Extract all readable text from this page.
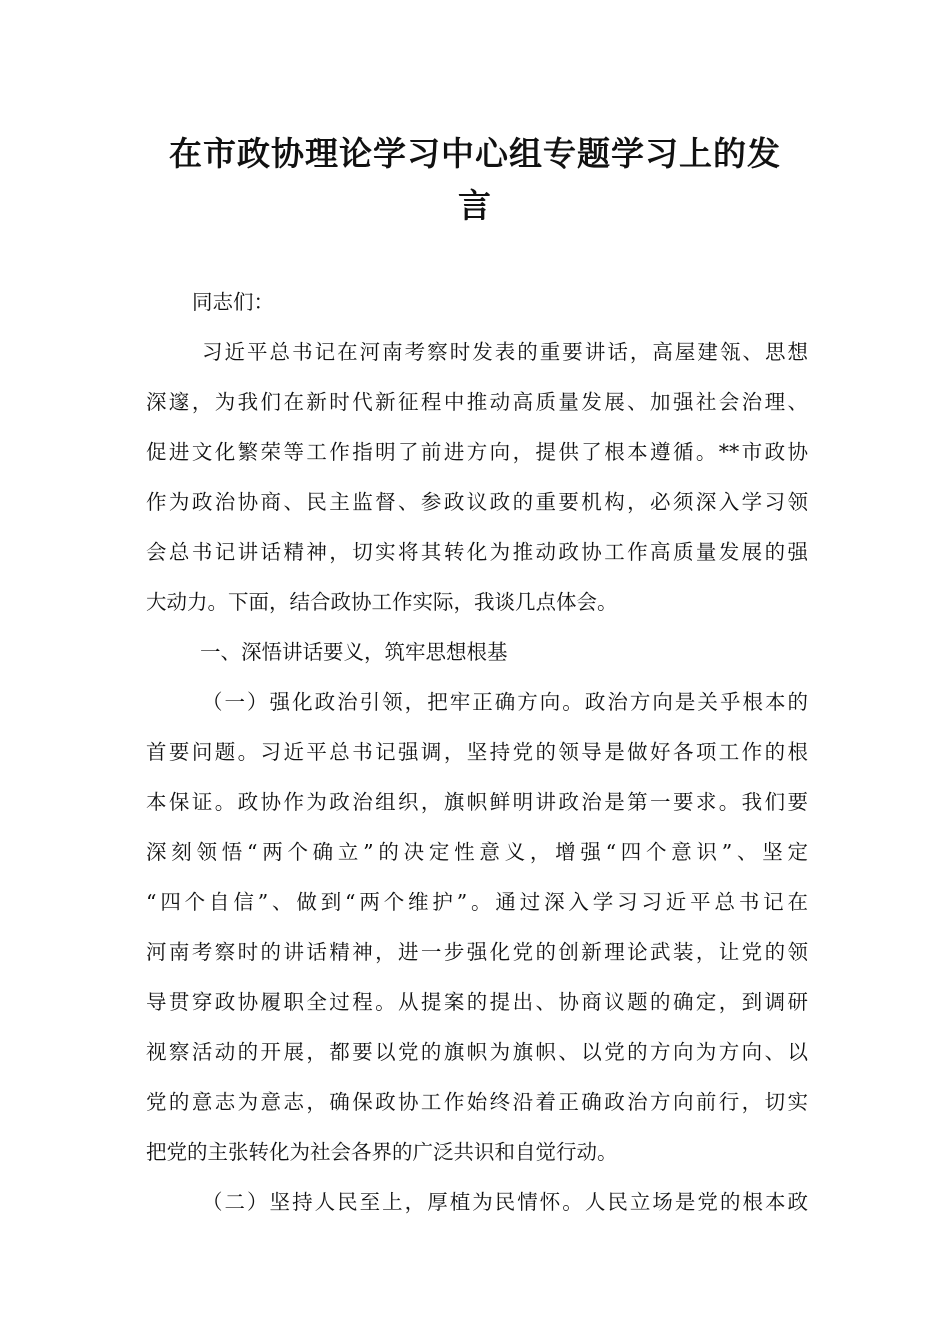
在市政协理论学习中心组专题学习上的发
言

同志们：

习近平总书记在河南考察时发表的重要讲话，高屋建瓴、思想
深邃，为我们在新时代新征程中推动高质量发展、加强社会治理、
促进文化繁荣等工作指明了前进方向，提供了根本遵循。**市政协
作为政治协商、民主监督、参政议政的重要机构，必须深入学习领
会总书记讲话精神，切实将其转化为推动政协工作高质量发展的强
大动力。下面，结合政协工作实际，我谈几点体会。

一、深悟讲话要义，筑牢思想根基

（一）强化政治引领，把牢正确方向。政治方向是关乎根本的
首要问题。习近平总书记强调，坚持党的领导是做好各项工作的根
本保证。政协作为政治组织，旗帜鲜明讲政治是第一要求。我们要
深刻领悟“两个确立”的决定性意义，增强“四个意识”、坚定
“四个自信”、做到“两个维护”。通过深入学习习近平总书记在
河南考察时的讲话精神，进一步强化党的创新理论武装，让党的领
导贯穿政协履职全过程。从提案的提出、协商议题的确定，到调研
视察活动的开展，都要以党的旗帜为旗帜、以党的方向为方向、以
党的意志为意志，确保政协工作始终沿着正确政治方向前行，切实
把党的主张转化为社会各界的广泛共识和自觉行动。

（二）坚持人民至上，厚植为民情怀。人民立场是党的根本政
